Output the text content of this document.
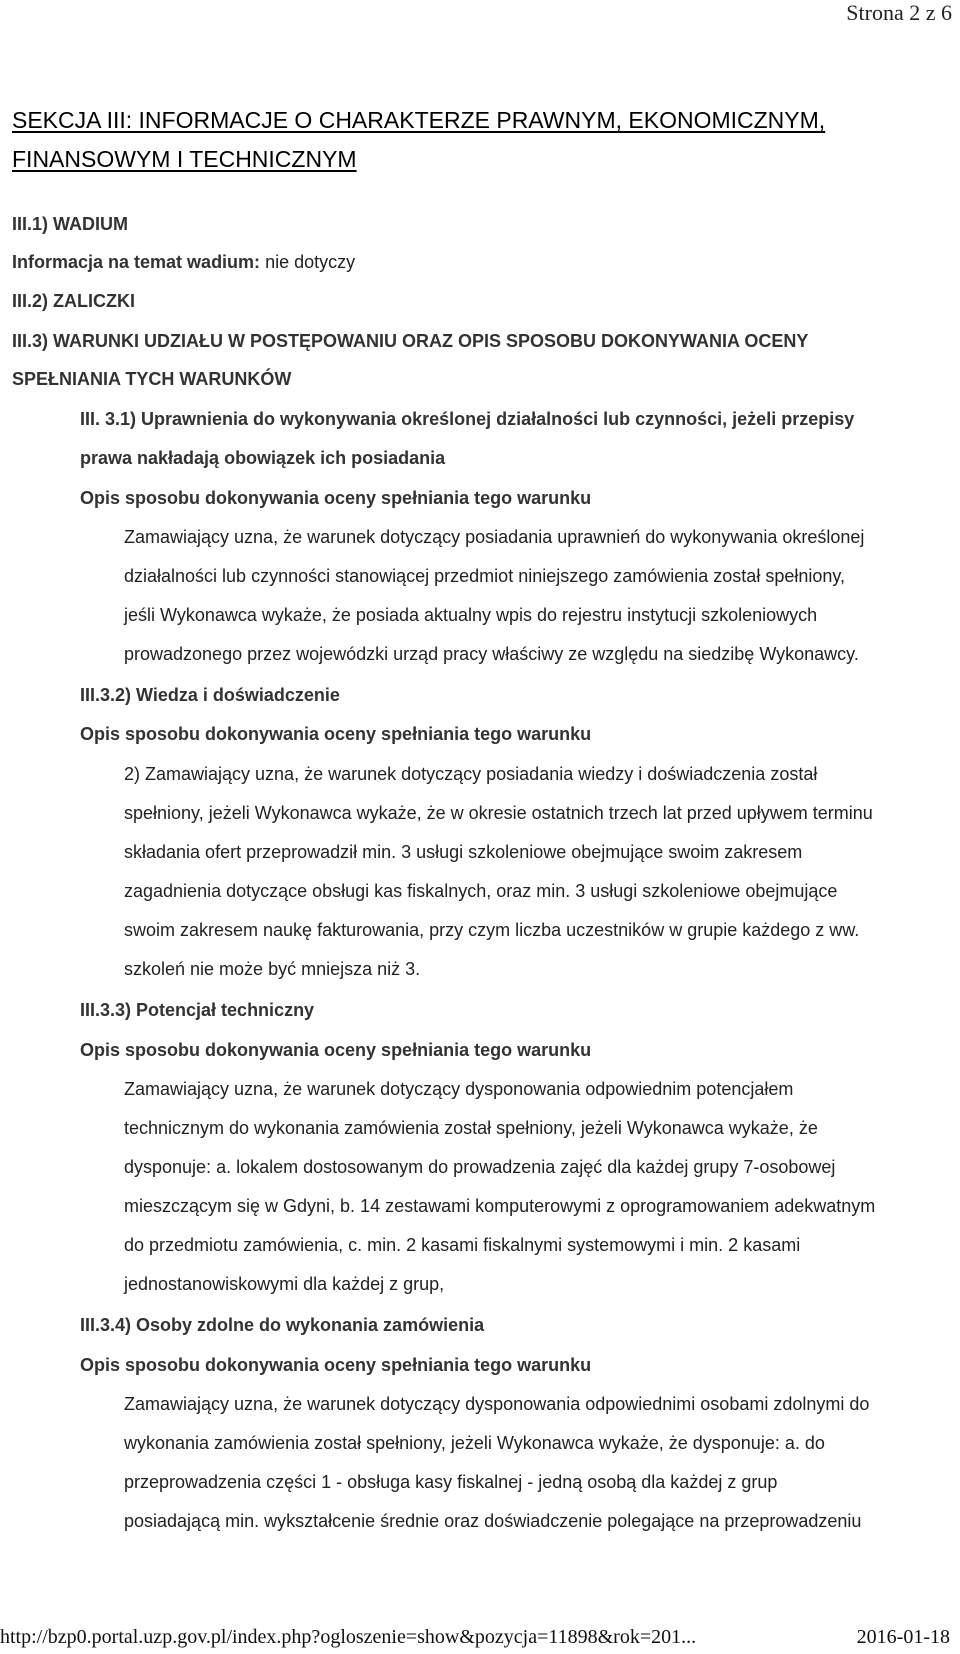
Strona 2 z 6
SEKCJA III: INFORMACJE O CHARAKTERZE PRAWNYM, EKONOMICZNYM,
FINANSOWYM I TECHNICZNYM
III.1) WADIUM
Informacja na temat wadium: nie dotyczy
III.2) ZALICZKI
III.3) WARUNKI UDZIAŁU W POSTĘPOWANIU ORAZ OPIS SPOSOBU DOKONYWANIA OCENY
SPEŁNIANIA TYCH WARUNKÓW
III. 3.1) Uprawnienia do wykonywania określonej działalności lub czynności, jeżeli przepisy
prawa nakładają obowiązek ich posiadania
Opis sposobu dokonywania oceny spełniania tego warunku
Zamawiający uzna, że warunek dotyczący posiadania uprawnień do wykonywania określonej
działalności lub czynności stanowiącej przedmiot niniejszego zamówienia został spełniony,
jeśli Wykonawca wykaże, że posiada aktualny wpis do rejestru instytucji szkoleniowych
prowadzonego przez wojewódzki urząd pracy właściwy ze względu na siedzibę Wykonawcy.
III.3.2) Wiedza i doświadczenie
Opis sposobu dokonywania oceny spełniania tego warunku
2) Zamawiający uzna, że warunek dotyczący posiadania wiedzy i doświadczenia został
spełniony, jeżeli Wykonawca wykaże, że w okresie ostatnich trzech lat przed upływem terminu
składania ofert przeprowadził min. 3 usługi szkoleniowe obejmujące swoim zakresem
zagadnienia dotyczące obsługi kas fiskalnych, oraz min. 3 usługi szkoleniowe obejmujące
swoim zakresem naukę fakturowania, przy czym liczba uczestników w grupie każdego z ww.
szkoleń nie może być mniejsza niż 3.
III.3.3) Potencjał techniczny
Opis sposobu dokonywania oceny spełniania tego warunku
Zamawiający uzna, że warunek dotyczący dysponowania odpowiednim potencjałem
technicznym do wykonania zamówienia został spełniony, jeżeli Wykonawca wykaże, że
dysponuje: a. lokalem dostosowanym do prowadzenia zajęć dla każdej grupy 7-osobowej
mieszczącym się w Gdyni, b. 14 zestawami komputerowymi z oprogramowaniem adekwatnym
do przedmiotu zamówienia, c. min. 2 kasami fiskalnymi systemowymi i min. 2 kasami
jednostanowiskowymi dla każdej z grup,
III.3.4) Osoby zdolne do wykonania zamówienia
Opis sposobu dokonywania oceny spełniania tego warunku
Zamawiający uzna, że warunek dotyczący dysponowania odpowiednimi osobami zdolnymi do
wykonania zamówienia został spełniony, jeżeli Wykonawca wykaże, że dysponuje: a. do
przeprowadzenia części 1 - obsługa kasy fiskalnej - jedną osobą dla każdej z grup
posiadającą min. wykształcenie średnie oraz doświadczenie polegające na przeprowadzeniu
http://bzp0.portal.uzp.gov.pl/index.php?ogloszenie=show&pozycja=11898&rok=201...	2016-01-18
